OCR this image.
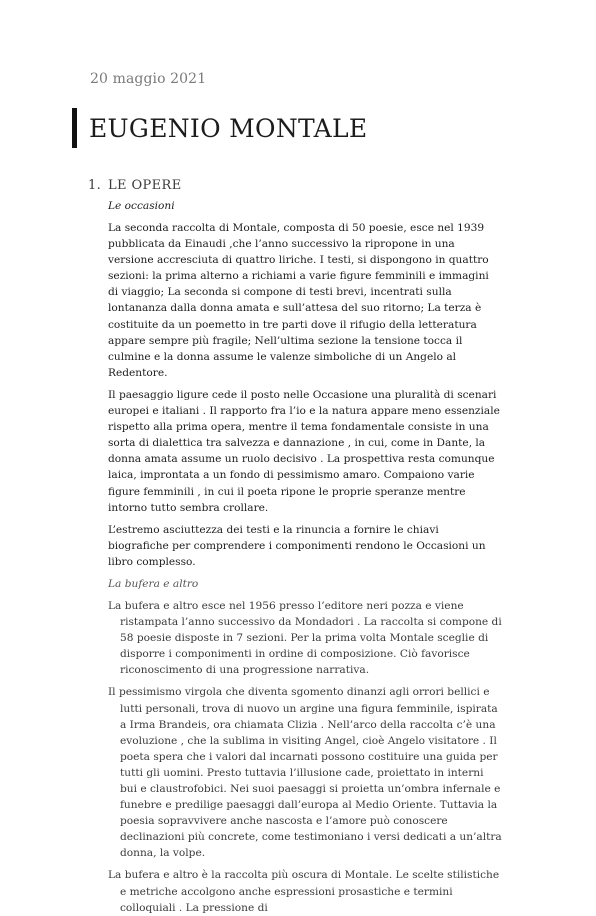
20 maggio 2021
EUGENIO MONTALE
1. LE OPERE
Le occasioni

La seconda raccolta di Montale, composta di 50 poesie, esce nel 1939 pubblicata da Einaudi ,che l’anno successivo la ripropone in una versione accresciuta di quattro liriche. I testi, si dispongono in quattro sezioni: la prima alterno a richiami a varie figure femminili e immagini di viaggio; La seconda si compone di testi brevi, incentrati sulla lontananza dalla donna amata e sull’attesa del suo ritorno; La terza è costituite da un poemetto in tre parti dove il rifugio della letteratura appare sempre più fragile; Nell’ultima sezione la tensione tocca il culmine e la donna assume le valenze simboliche di un Angelo al Redentore.

Il paesaggio ligure cede il posto nelle Occasione una pluralità di scenari europei e italiani . Il rapporto fra l’io e la natura appare meno essenziale rispetto alla prima opera, mentre il tema fondamentale consiste in una sorta di dialettica tra salvezza e dannazione , in cui, come in Dante, la donna amata assume un ruolo decisivo . La prospettiva resta comunque laica, improntata a un fondo di pessimismo amaro. Compaiono varie figure femminili , in cui il poeta ripone le proprie speranze mentre intorno tutto sembra crollare.

L’estremo asciuttezza dei testi e la rinuncia a fornire le chiavi biografiche per comprendere i componimenti rendono le Occasioni un libro complesso.

La bufera e altro

La bufera e altro esce nel 1956 presso l’editore neri pozza e viene ristampata l’anno successivo da Mondadori . La raccolta si compone di 58 poesie disposte in 7 sezioni. Per la prima volta Montale sceglie di disporre i componimenti in ordine di composizione. Ciò favorisce riconoscimento di una progressione narrativa.

Il pessimismo virgola che diventa sgomento dinanzi agli orrori bellici e lutti personali, trova di nuovo un argine una figura femminile, ispirata a Irma Brandeis, ora chiamata Clizia . Nell’arco della raccolta c’è una evoluzione , che la sublima in visiting Angel, cioè Angelo visitatore . Il poeta spera che i valori dal incarnati possono costituire una guida per tutti gli uomini. Presto tuttavia l’illusione cade, proiettato in interni bui e claustrofobici. Nei suoi paesaggi si proietta un’ombra infernale e funebre e predilige paesaggi dall’europa al Medio Oriente. Tuttavia la poesia sopravvivere anche nascosta e l’amore può conoscere declinazioni più concrete, come testimoniano i versi dedicati a un’altra donna, la volpe.

La bufera e altro è la raccolta più oscura di Montale. Le scelte stilistiche e metriche accolgono anche espressioni prosastiche e termini colloquiali . La pressione di
